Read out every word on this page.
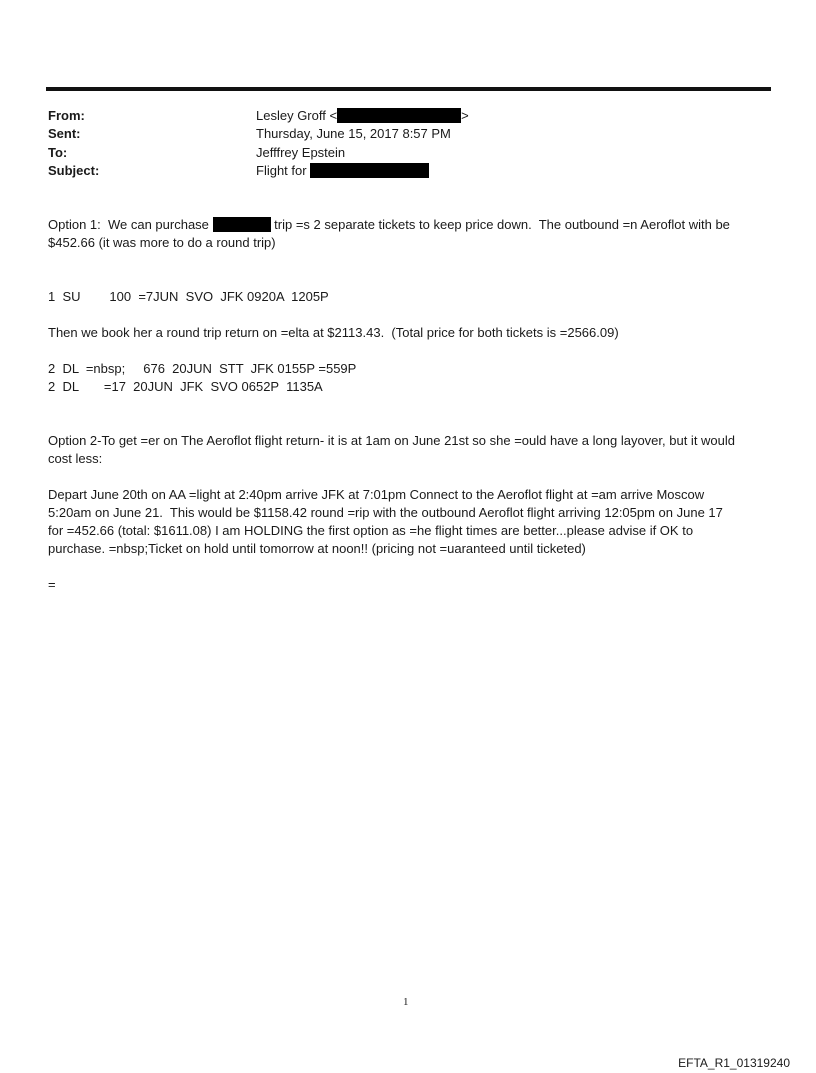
From:	Lesley Groff <	>
Sent:	Thursday, June 15, 2017 8:57 PM
To:	Jefffrey Epstein
Subject:	Flight for
Option 1:  We can purchase	trip =s 2 separate tickets to keep price down.  The outbound =n Aeroflot with be
$452.66 (it was more to do a round trip)
1  SU        100  =7JUN  SVO  JFK 0920A  1205P
Then we book her a round trip return on =elta at $2113.43.  (Total price for both tickets is =2566.09)
2  DL  =nbsp;     676  20JUN  STT  JFK 0155P =559P
2  DL       =17  20JUN  JFK  SVO 0652P  1135A
Option 2-To get =er on The Aeroflot flight return- it is at 1am on June 21st so she =ould have a long layover, but it would
cost less:
Depart June 20th on AA =light at 2:40pm arrive JFK at 7:01pm Connect to the Aeroflot flight at =am arrive Moscow
5:20am on June 21.  This would be $1158.42 round =rip with the outbound Aeroflot flight arriving 12:05pm on June 17
for =452.66 (total: $1611.08) I am HOLDING the first option as =he flight times are better...please advise if OK to
purchase. =nbsp;Ticket on hold until tomorrow at noon!! (pricing not =uaranteed until ticketed)
=
1
EFTA_R1_01319240
